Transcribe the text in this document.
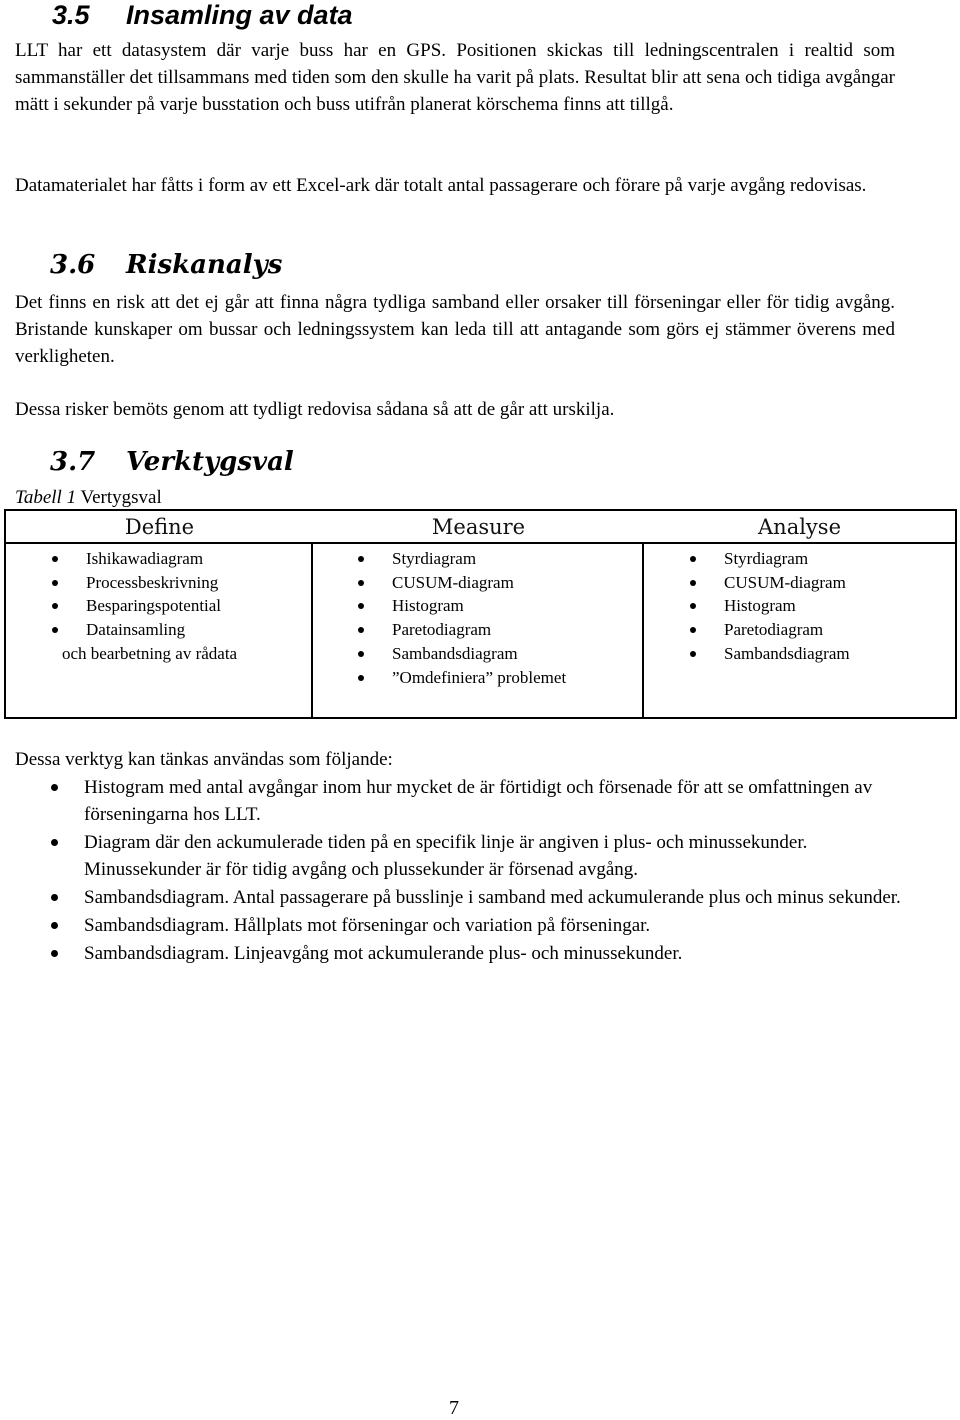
3.5 Insamling av data

LLT har ett datasystem där varje buss har en GPS. Positionen skickas till ledningscentralen i realtid som sammanställer det tillsammans med tiden som den skulle ha varit på plats. Resultat blir att sena och tidiga avgångar mätt i sekunder på varje busstation och buss utifrån planerat körschema finns att tillgå.

Datamaterialet har fåtts i form av ett Excel-ark där totalt antal passagerare och förare på varje avgång redovisas.

3.6 Riskanalys

Det finns en risk att det ej går att finna några tydliga samband eller orsaker till förseningar eller för tidig avgång. Bristande kunskaper om bussar och ledningssystem kan leda till att antagande som görs ej stämmer överens med verkligheten.

Dessa risker bemöts genom att tydligt redovisa sådana så att de går att urskilja.

3.7 Verktygsval
Tabell 1 Vertygsval
Define	Measure	Analyse
Ishikawadiagram
Processbeskrivning
Besparingspotential
Datainsamling
och bearbetning av rådata
Styrdiagram
CUSUM-diagram
Histogram
Paretodiagram
Sambandsdiagram
”Omdefiniera” problemet
Styrdiagram
CUSUM-diagram
Histogram
Paretodiagram
Sambandsdiagram
Dessa verktyg kan tänkas användas som följande:
Histogram med antal avgångar inom hur mycket de är förtidigt och försenade för att se omfattningen av förseningarna hos LLT.
Diagram där den ackumulerade tiden på en specifik linje är angiven i plus- och minussekunder. Minussekunder är för tidig avgång och plussekunder är försenad avgång.
Sambandsdiagram. Antal passagerare på busslinje i samband med ackumulerande plus och minus sekunder.
Sambandsdiagram. Hållplats mot förseningar och variation på förseningar.
Sambandsdiagram. Linjeavgång mot ackumulerande plus- och minussekunder.
7
